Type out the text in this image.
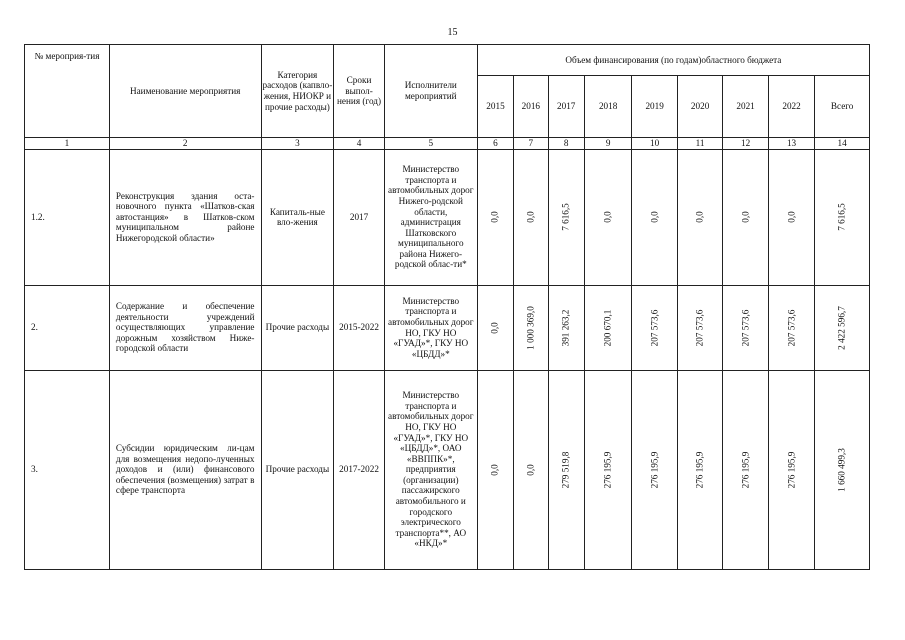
15
№ мероприя-тия	Наименование мероприятия	Категория расходов (капвло-жения, НИОКР и прочие расходы)	Сроки выпол-нения (год)	Исполнители мероприятий	Объем финансирования (по годам)областного бюджета								
					2015	2016	2017	2018	2019	2020	2021	2022	Всего
1	2	3	4	5	6	7	8	9	10	11	12	13	14
1.2.	Реконструкция здания оста-новочного пункта «Шатков-ская автостанция» в Шатков-ском муниципальном районе Нижегородской области»	Капиталь-ные вло-жения	2017	Министерство транспорта и автомобильных дорог Нижего-родской области, администрация Шатковского муниципального района Нижего-родской облас-ти*	0,0	0,0	7 616,5	0,0	0,0	0,0	0,0	0,0	7 616,5

2.	Содержание и обеспечение деятельности учреждений осуществляющих управление дорожным хозяйством Ниже-городской области	Прочие расходы	2015-2022	Министерство транспорта и автомобильных дорог НО, ГКУ НО «ГУАД»*, ГКУ НО «ЦБДД»*	0,0	1 000 369,0	391 263,2	200 670,1	207 573,6	207 573,6	207 573,6	207 573,6	2 422 596,7

3.	Субсидии юридическим ли-цам для возмещения недопо-лученных доходов и (или) финансового обеспечения (возмещения) затрат в сфере транспорта	Прочие расходы	2017-2022	Министерство транспорта и автомобильных дорог НО, ГКУ НО «ГУАД»*, ГКУ НО «ЦБДД»*, ОАО «ВВППК»*, предприятия (организации) пассажирского автомобильного и городского электрического транспорта**, АО «НКД»*	0,0	0,0	279 519,8	276 195,9	276 195,9	276 195,9	276 195,9	276 195,9	1 660 499,3
